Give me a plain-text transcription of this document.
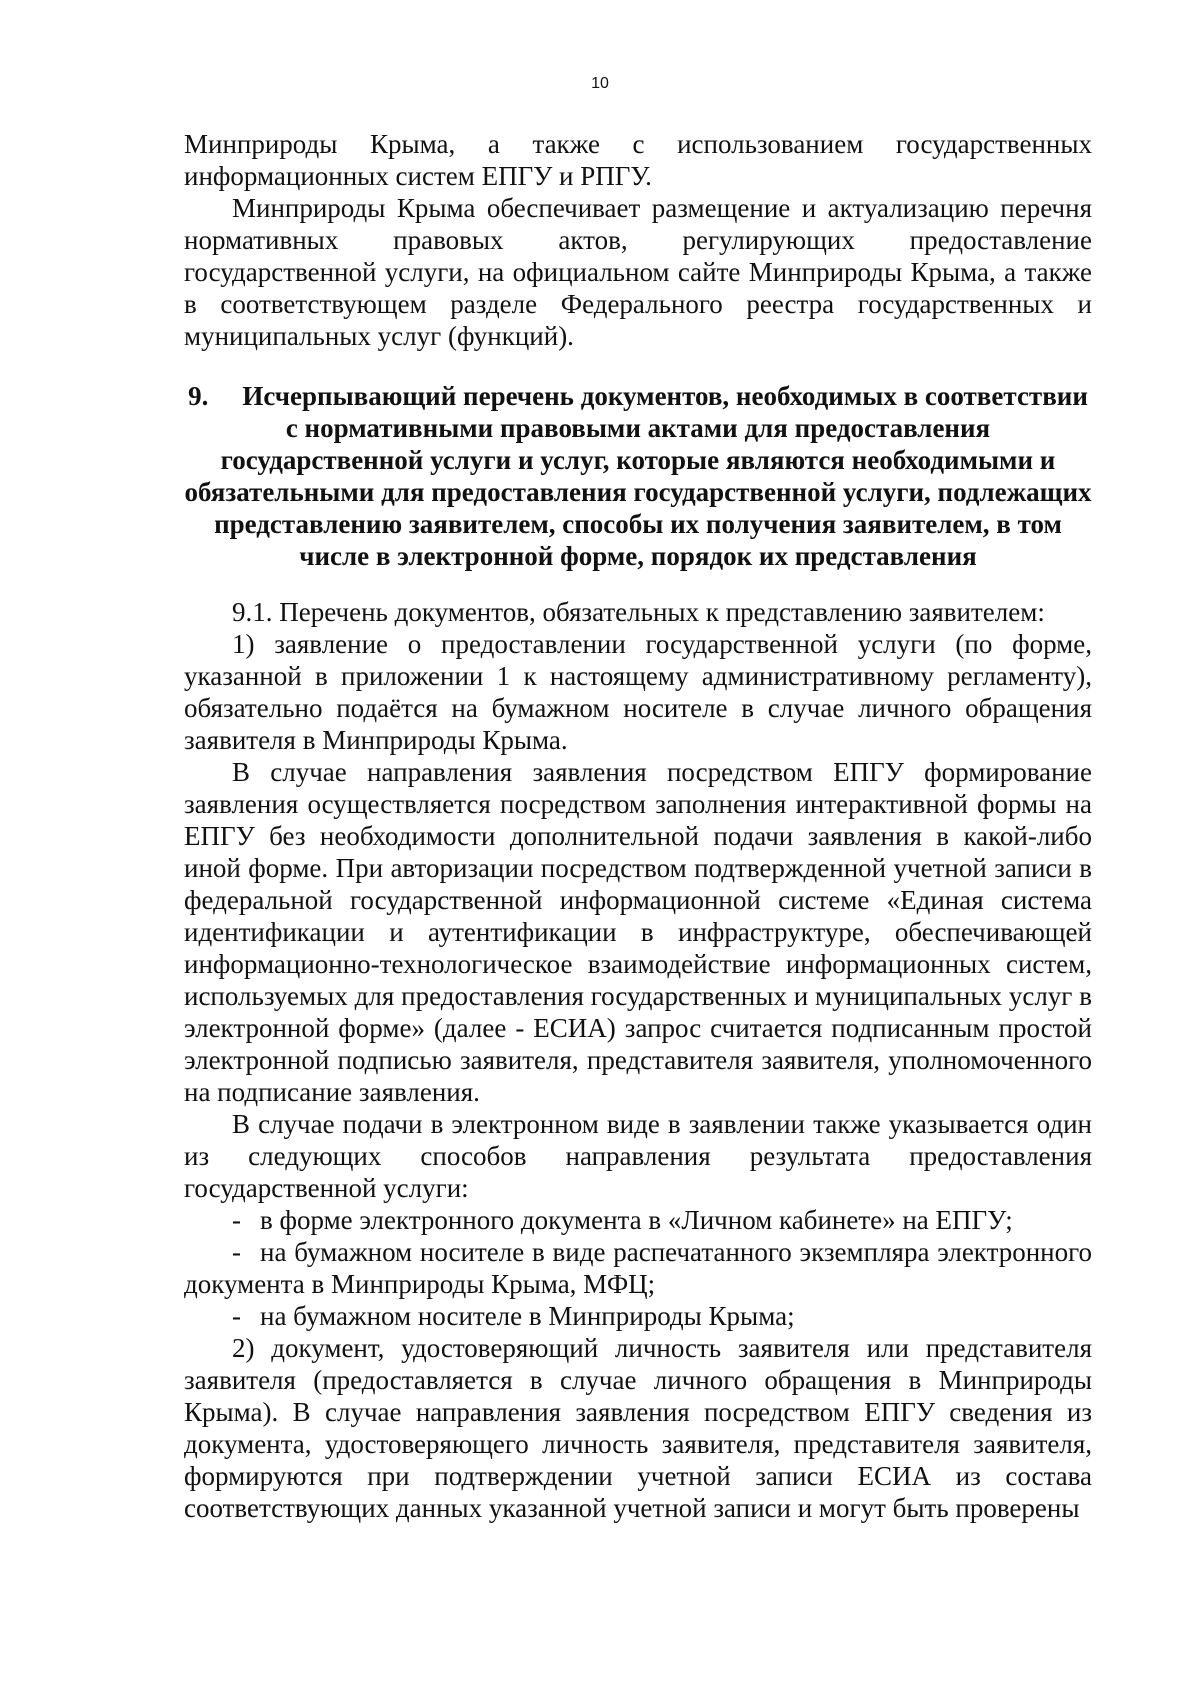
10

Минприроды Крыма, а также с использованием государственных информационных систем ЕПГУ и РПГУ.

Минприроды Крыма обеспечивает размещение и актуализацию перечня нормативных правовых актов, регулирующих предоставление государственной услуги, на официальном сайте Минприроды Крыма, а также в соответствующем разделе Федерального реестра государственных и муниципальных услуг (функций).

9. Исчерпывающий перечень документов, необходимых в соответствии с нормативными правовыми актами для предоставления государственной услуги и услуг, которые являются необходимыми и обязательными для предоставления государственной услуги, подлежащих представлению заявителем, способы их получения заявителем, в том числе в электронной форме, порядок их представления

9.1. Перечень документов, обязательных к представлению заявителем:

1) заявление о предоставлении государственной услуги (по форме, указанной в приложении 1 к настоящему административному регламенту), обязательно подаётся на бумажном носителе в случае личного обращения заявителя в Минприроды Крыма.

В случае направления заявления посредством ЕПГУ формирование заявления осуществляется посредством заполнения интерактивной формы на ЕПГУ без необходимости дополнительной подачи заявления в какой-либо иной форме. При авторизации посредством подтвержденной учетной записи в федеральной государственной информационной системе «Единая система идентификации и аутентификации в инфраструктуре, обеспечивающей информационно-технологическое взаимодействие информационных систем, используемых для предоставления государственных и муниципальных услуг в электронной форме» (далее - ЕСИА) запрос считается подписанным простой электронной подписью заявителя, представителя заявителя, уполномоченного на подписание заявления.

В случае подачи в электронном виде в заявлении также указывается один из следующих способов направления результата предоставления государственной услуги:

- в форме электронного документа в «Личном кабинете» на ЕПГУ;

- на бумажном носителе в виде распечатанного экземпляра электронного документа в Минприроды Крыма, МФЦ;

- на бумажном носителе в Минприроды Крыма;

2) документ, удостоверяющий личность заявителя или представителя заявителя (предоставляется в случае личного обращения в Минприроды Крыма). В случае направления заявления посредством ЕПГУ сведения из документа, удостоверяющего личность заявителя, представителя заявителя, формируются при подтверждении учетной записи ЕСИА из состава соответствующих данных указанной учетной записи и могут быть проверены
